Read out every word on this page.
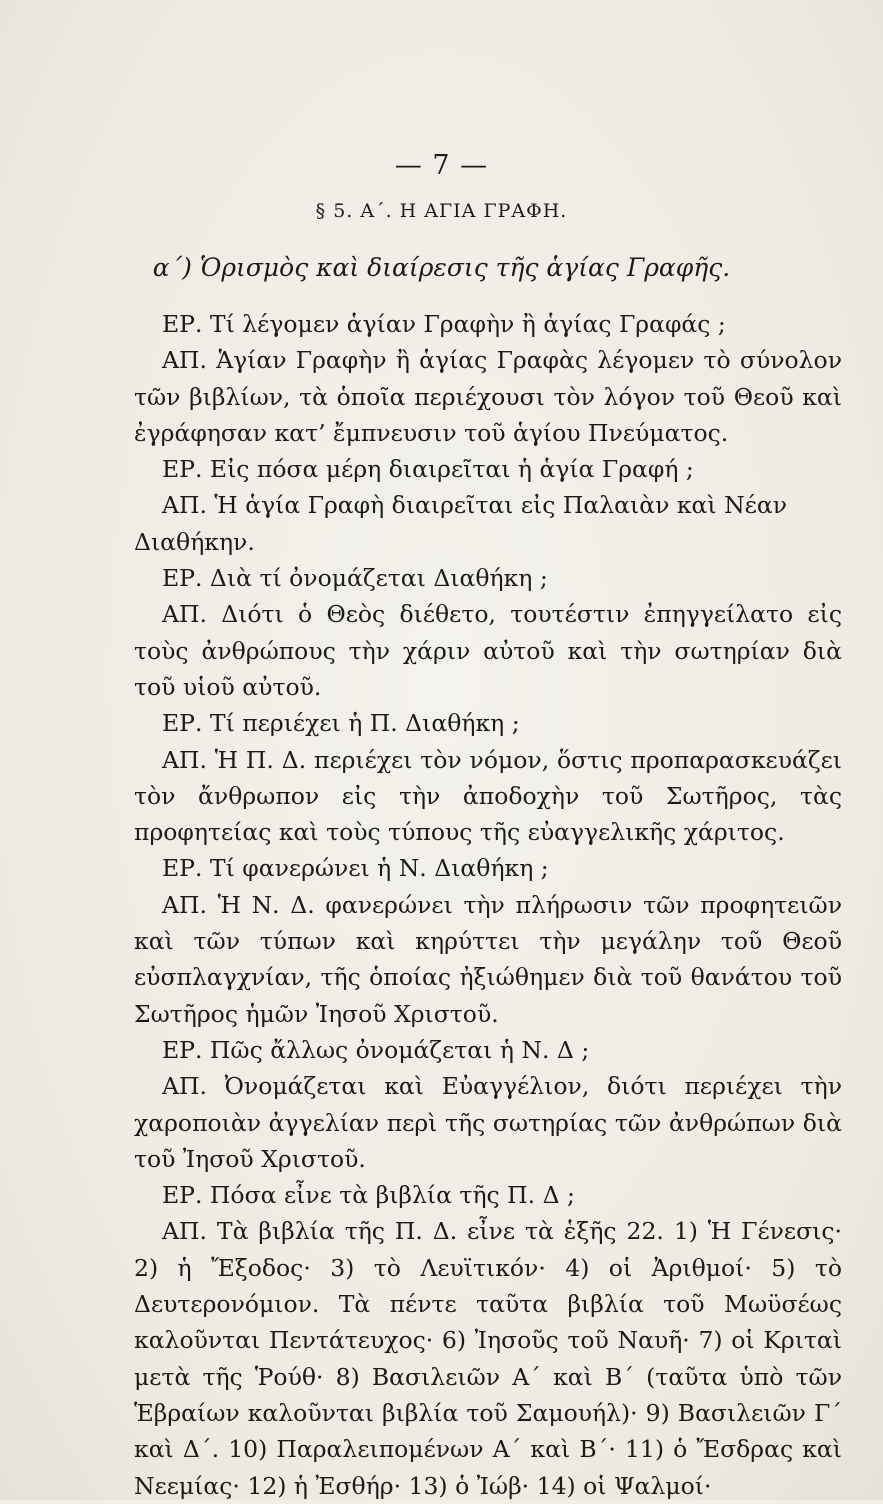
— 7 —
§ 5. Α΄. Η ΑΓΙΑ ΓΡΑΦΗ.
α΄) Ὁρισμὸς καὶ διαίρεσις τῆς ἁγίας Γραφῆς.

ΕΡ. Τί λέγομεν ἁγίαν Γραφὴν ἢ ἁγίας Γραφάς ;

ΑΠ. Ἁγίαν Γραφὴν ἢ ἁγίας Γραφὰς λέγομεν τὸ σύνολον τῶν βιβλίων, τὰ ὁποῖα περιέχουσι τὸν λόγον τοῦ Θεοῦ καὶ ἐγράφησαν κατ’ ἔμπνευσιν τοῦ ἁγίου Πνεύματος.

ΕΡ. Εἰς πόσα μέρη διαιρεῖται ἡ ἁγία Γραφή ;

ΑΠ. Ἡ ἁγία Γραφὴ διαιρεῖται εἰς Παλαιὰν καὶ Νέαν Διαθήκην.

ΕΡ. Διὰ τί ὀνομάζεται Διαθήκη ;

ΑΠ. Διότι ὁ Θεὸς διέθετο, τουτέστιν ἐπηγγείλατο εἰς τοὺς ἀνθρώπους τὴν χάριν αὐτοῦ καὶ τὴν σωτηρίαν διὰ τοῦ υἱοῦ αὐτοῦ.

ΕΡ. Τί περιέχει ἡ Π. Διαθήκη ;

ΑΠ. Ἡ Π. Δ. περιέχει τὸν νόμον, ὅστις προπαρασκευάζει τὸν ἄνθρωπον εἰς τὴν ἀποδοχὴν τοῦ Σωτῆρος, τὰς προφητείας καὶ τοὺς τύπους τῆς εὐαγγελικῆς χάριτος.

ΕΡ. Τί φανερώνει ἡ Ν. Διαθήκη ;

ΑΠ. Ἡ Ν. Δ. φανερώνει τὴν πλήρωσιν τῶν προφητειῶν καὶ τῶν τύπων καὶ κηρύττει τὴν μεγάλην τοῦ Θεοῦ εὐσπλαγχνίαν, τῆς ὁποίας ἠξιώθημεν διὰ τοῦ θανάτου τοῦ Σωτῆρος ἡμῶν Ἰησοῦ Χριστοῦ.

ΕΡ. Πῶς ἄλλως ὀνομάζεται ἡ Ν. Δ ;

ΑΠ. Ὀνομάζεται καὶ Εὐαγγέλιον, διότι περιέχει τὴν χαροποιὰν ἀγγελίαν περὶ τῆς σωτηρίας τῶν ἀνθρώπων διὰ τοῦ Ἰησοῦ Χριστοῦ.

ΕΡ. Πόσα εἶνε τὰ βιβλία τῆς Π. Δ ;

ΑΠ. Τὰ βιβλία τῆς Π. Δ. εἶνε τὰ ἑξῆς 22. 1) Ἡ Γένεσις· 2) ἡ Ἔξοδος· 3) τὸ Λευϊτικόν· 4) οἱ Ἀριθμοί· 5) τὸ Δευτερονόμιον. Τὰ πέντε ταῦτα βιβλία τοῦ Μωϋσέως καλοῦνται Πεντάτευχος· 6) Ἰησοῦς τοῦ Ναυῆ· 7) οἱ Κριταὶ μετὰ τῆς Ῥούθ· 8) Βασιλειῶν Α΄ καὶ Β΄ (ταῦτα ὑπὸ τῶν Ἑβραίων καλοῦνται βιβλία τοῦ Σαμουήλ)· 9) Βασιλειῶν Γ΄ καὶ Δ΄. 10) Παραλειπομένων Α΄ καὶ Β΄· 11) ὁ Ἔσδρας καὶ Νεεμίας· 12) ἡ Ἐσθήρ· 13) ὁ Ἰώβ· 14) οἱ Ψαλμοί·
